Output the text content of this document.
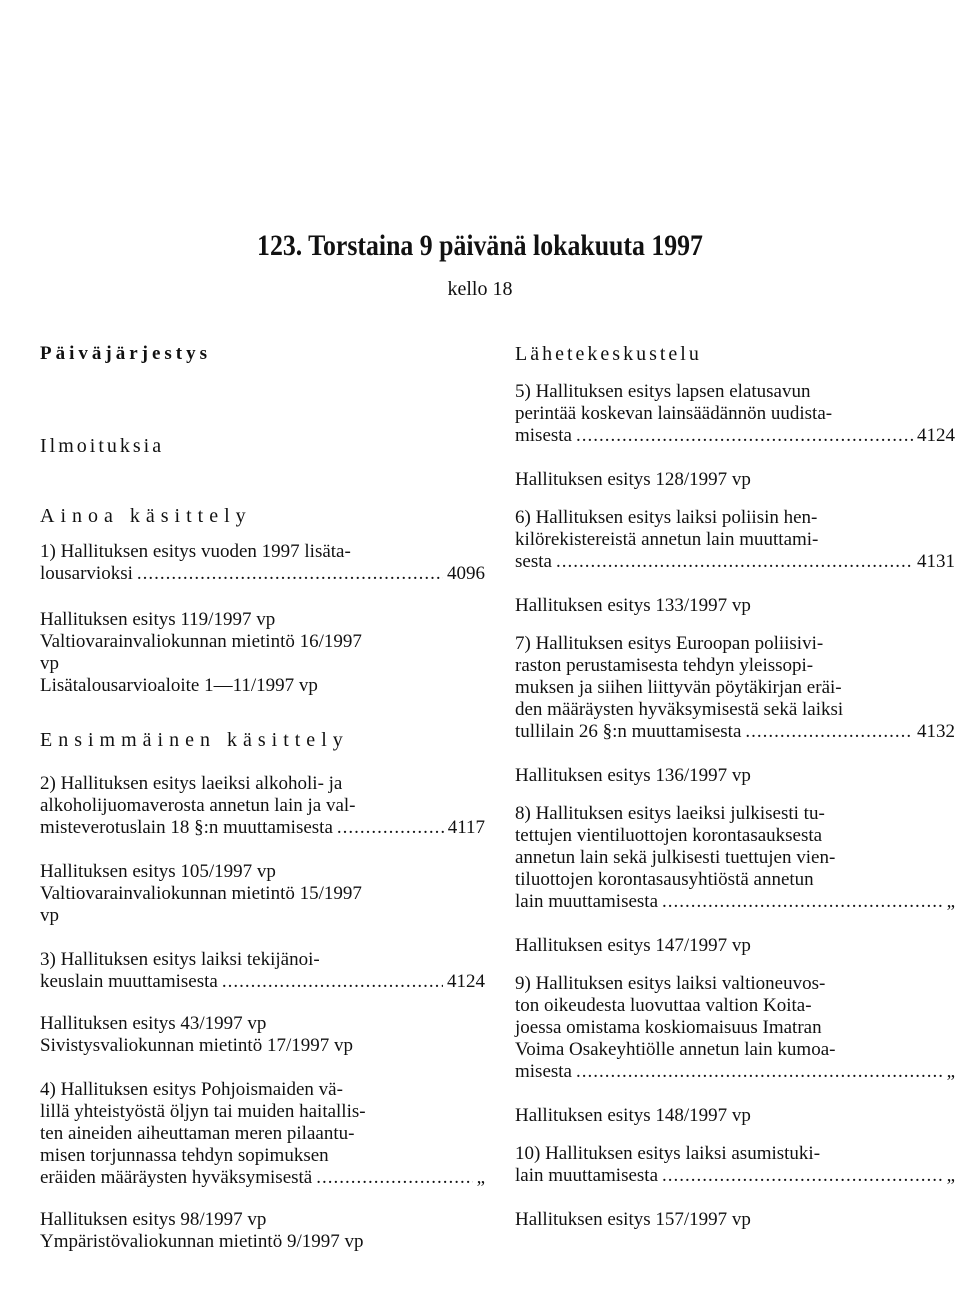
123. Torstaina 9 päivänä lokakuuta 1997
kello 18

Päiväjärjestys

Ilmoituksia

Ainoa käsittely

1) Hallituksen esitys vuoden 1997 lisäta-

lousarvioksi .....	4096

Hallituksen esitys 119/1997 vp

Valtiovarainvaliokunnan mietintö 16/1997

vp

Lisätalousarvioaloite 1—11/1997 vp

Ensimmäinen käsittely

2) Hallituksen esitys laeiksi alkoholi- ja

alkoholijuomaverosta annetun lain ja val-

misteverotuslain 18 §:n muuttamisesta .....	4117

Hallituksen esitys 105/1997 vp

Valtiovarainvaliokunnan mietintö 15/1997

vp

3) Hallituksen esitys laiksi tekijänoi-

keuslain muuttamisesta .....	4124

Hallituksen esitys 43/1997 vp

Sivistysvaliokunnan mietintö 17/1997 vp

4) Hallituksen esitys Pohjoismaiden vä-

lillä yhteistyöstä öljyn tai muiden haitallis-

ten aineiden aiheuttaman meren pilaantu-

misen torjunnassa tehdyn sopimuksen

eräiden määräysten hyväksymisestä .....	„

Hallituksen esitys 98/1997 vp

Ympäristövaliokunnan mietintö 9/1997 vp

Lähetekeskustelu

5) Hallituksen esitys lapsen elatusavun

perintää koskevan lainsäädännön uudista-

misesta .....	4124

Hallituksen esitys 128/1997 vp

6) Hallituksen esitys laiksi poliisin hen-

kilörekistereistä annetun lain muuttami-

sesta .....	4131

Hallituksen esitys 133/1997 vp

7) Hallituksen esitys Euroopan poliisivi-

raston perustamisesta tehdyn yleissopi-

muksen ja siihen liittyvän pöytäkirjan eräi-

den määräysten hyväksymisestä sekä laiksi

tullilain 26 §:n muuttamisesta .....	4132

Hallituksen esitys 136/1997 vp

8) Hallituksen esitys laeiksi julkisesti tu-

tettujen vientiluottojen korontasauksesta

annetun lain sekä julkisesti tuettujen vien-

tiluottojen korontasausyhtiöstä annetun

lain muuttamisesta .....	„

Hallituksen esitys 147/1997 vp

9) Hallituksen esitys laiksi valtioneuvos-

ton oikeudesta luovuttaa valtion Koita-

joessa omistama koskiomaisuus Imatran

Voima Osakeyhtiölle annetun lain kumoa-

misesta .....	„

Hallituksen esitys 148/1997 vp

10) Hallituksen esitys laiksi asumistuki-

lain muuttamisesta .....	„

Hallituksen esitys 157/1997 vp
